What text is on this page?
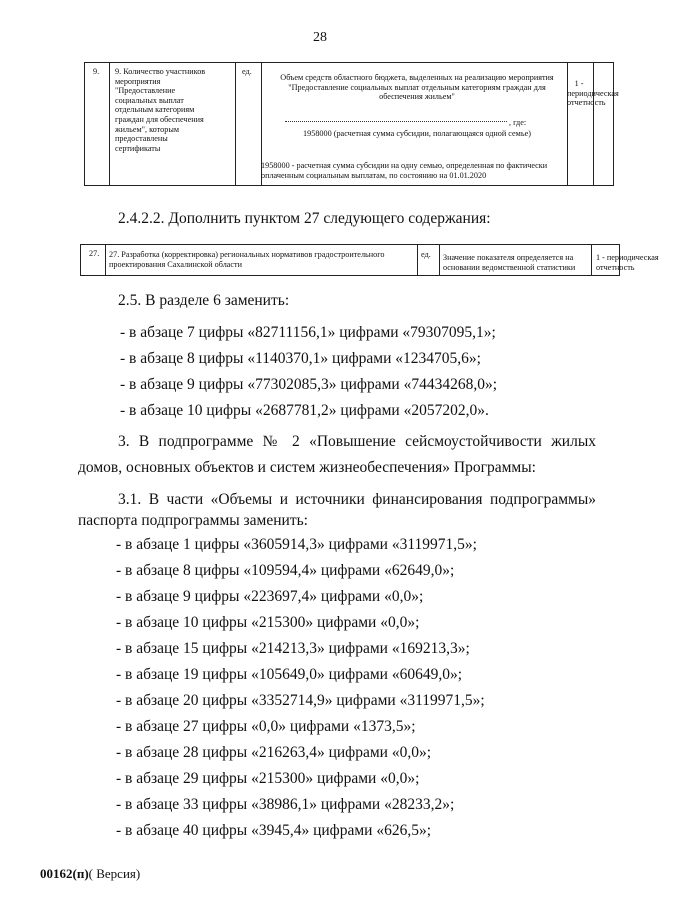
28
9. 9. Количество участников мероприятия "Предоставление социальных выплат отдельным категориям граждан для обеспечения жильем", которым предоставлены сертификаты
ед.
Объем средств областного бюджета, выделенных на реализацию мероприятия "Предоставление социальных выплат отдельным категориям граждан для обеспечения жильем"
, где:
1958000 (расчетная сумма субсидии, полагающаяся одной семье)
1958000 - расчетная сумма субсидии на одну семью, определенная по фактически оплаченным социальным выплатам, по состоянию на 01.01.2020
1 - периодическая отчетность
2.4.2.2. Дополнить пунктом 27 следующего содержания:
27. 27. Разработка (корректировка) региональных нормативов градостроительного проектирования Сахалинской области
ед. Значение показателя определяется на основании ведомственной статистики
1 - периодическая отчетность
2.5. В разделе 6 заменить:
- в абзаце 7 цифры «82711156,1» цифрами «79307095,1»;
- в абзаце 8 цифры «1140370,1» цифрами «1234705,6»;
- в абзаце 9 цифры «77302085,3» цифрами «74434268,0»;
- в абзаце 10 цифры «2687781,2» цифрами «2057202,0».
3. В подпрограмме № 2 «Повышение сейсмоустойчивости жилых
домов, основных объектов и систем жизнеобеспечения» Программы:
3.1. В части «Объемы и источники финансирования подпрограммы»
паспорта подпрограммы заменить:
- в абзаце 1 цифры «3605914,3» цифрами «3119971,5»;
- в абзаце 8 цифры «109594,4» цифрами «62649,0»;
- в абзаце 9 цифры «223697,4» цифрами «0,0»;
- в абзаце 10 цифры «215300» цифрами «0,0»;
- в абзаце 15 цифры «214213,3» цифрами «169213,3»;
- в абзаце 19 цифры «105649,0» цифрами «60649,0»;
- в абзаце 20 цифры «3352714,9» цифрами «3119971,5»;
- в абзаце 27 цифры «0,0» цифрами «1373,5»;
- в абзаце 28 цифры «216263,4» цифрами «0,0»;
- в абзаце 29 цифры «215300» цифрами «0,0»;
- в абзаце 33 цифры «38986,1» цифрами «28233,2»;
- в абзаце 40 цифры «3945,4» цифрами «626,5»;
00162(п)( Версия)
